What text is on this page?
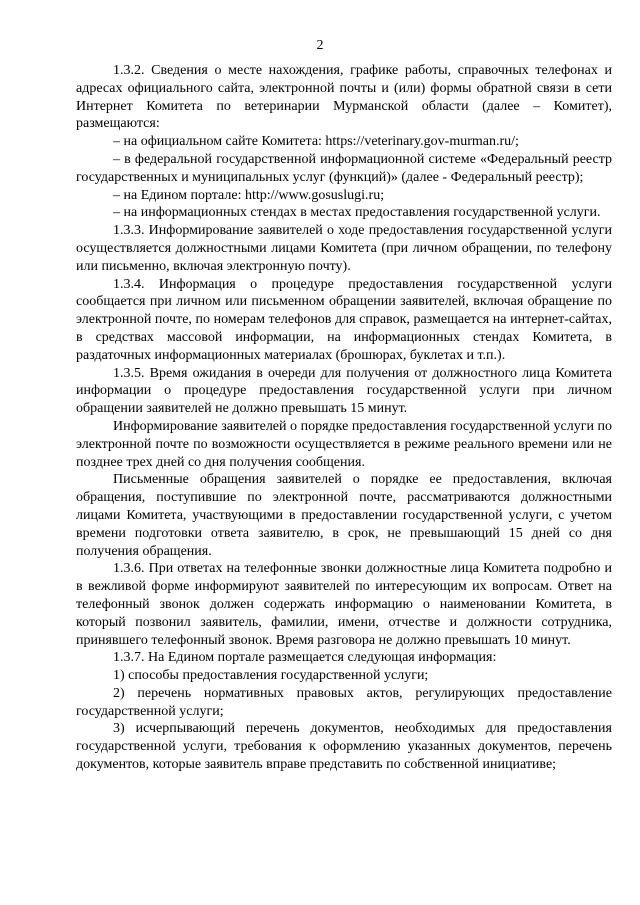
2

1.3.2. Сведения о месте нахождения, графике работы, справочных телефонах и адресах официального сайта, электронной почты и (или) формы обратной связи в сети Интернет Комитета по ветеринарии Мурманской области (далее – Комитет), размещаются:

– на официальном сайте Комитета: https://veterinary.gov-murman.ru/;

– в федеральной государственной информационной системе «Федеральный реестр государственных и муниципальных услуг (функций)» (далее - Федеральный реестр);

– на Едином портале: http://www.gosuslugi.ru;

– на информационных стендах в местах предоставления государственной услуги.

1.3.3. Информирование заявителей о ходе предоставления государственной услуги осуществляется должностными лицами Комитета (при личном обращении, по телефону или письменно, включая электронную почту).

1.3.4. Информация о процедуре предоставления государственной услуги сообщается при личном или письменном обращении заявителей, включая обращение по электронной почте, по номерам телефонов для справок, размещается на интернет-сайтах, в средствах массовой информации, на информационных стендах Комитета, в раздаточных информационных материалах (брошюрах, буклетах и т.п.).

1.3.5. Время ожидания в очереди для получения от должностного лица Комитета информации о процедуре предоставления государственной услуги при личном обращении заявителей не должно превышать 15 минут.

Информирование заявителей о порядке предоставления государственной услуги по электронной почте по возможности осуществляется в режиме реального времени или не позднее трех дней со дня получения сообщения.

Письменные обращения заявителей о порядке ее предоставления, включая обращения, поступившие по электронной почте, рассматриваются должностными лицами Комитета, участвующими в предоставлении государственной услуги, с учетом времени подготовки ответа заявителю, в срок, не превышающий 15 дней со дня получения обращения.

1.3.6. При ответах на телефонные звонки должностные лица Комитета подробно и в вежливой форме информируют заявителей по интересующим их вопросам. Ответ на телефонный звонок должен содержать информацию о наименовании Комитета, в который позвонил заявитель, фамилии, имени, отчестве и должности сотрудника, принявшего телефонный звонок. Время разговора не должно превышать 10 минут.

1.3.7. На Едином портале размещается следующая информация:

1) способы предоставления государственной услуги;

2) перечень нормативных правовых актов, регулирующих предоставление государственной услуги;

3) исчерпывающий перечень документов, необходимых для предоставления государственной услуги, требования к оформлению указанных документов, перечень документов, которые заявитель вправе представить по собственной инициативе;
